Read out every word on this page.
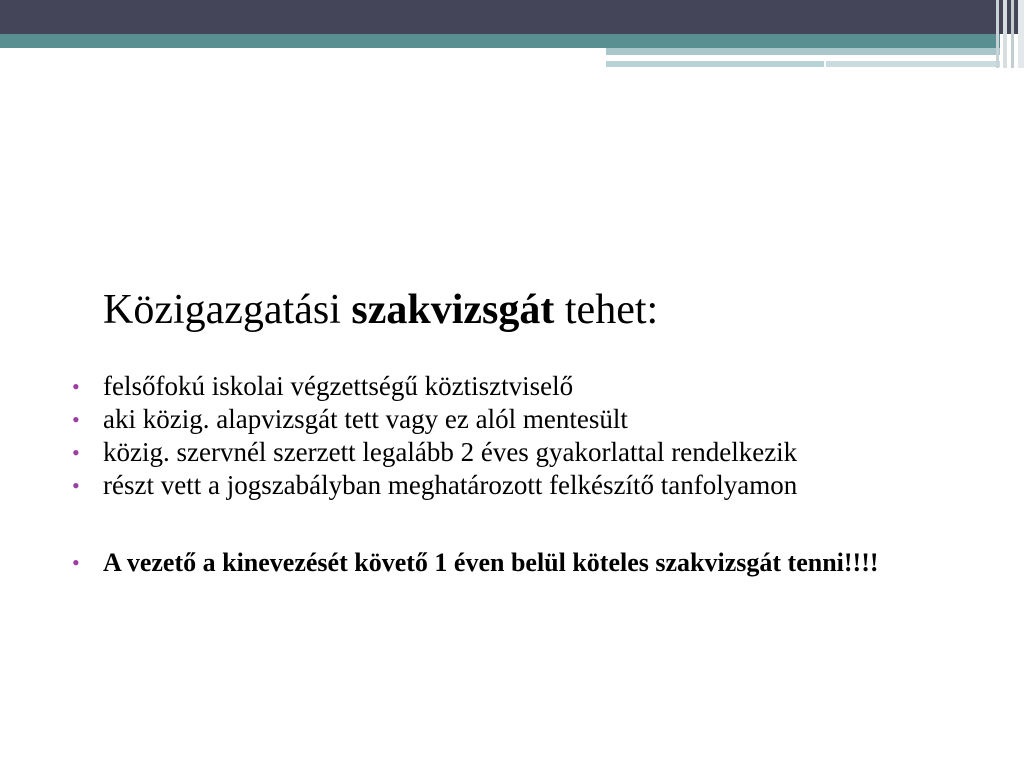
Közigazgatási szakvizsgát tehet:
• felsőfokú iskolai végzettségű köztisztviselő
• aki közig. alapvizsgát tett vagy ez alól mentesült
• közig. szervnél szerzett legalább 2 éves gyakorlattal rendelkezik
• részt vett a jogszabályban meghatározott felkészítő tanfolyamon
• A vezető a kinevezését követő 1 éven belül köteles szakvizsgát tenni!!!!
